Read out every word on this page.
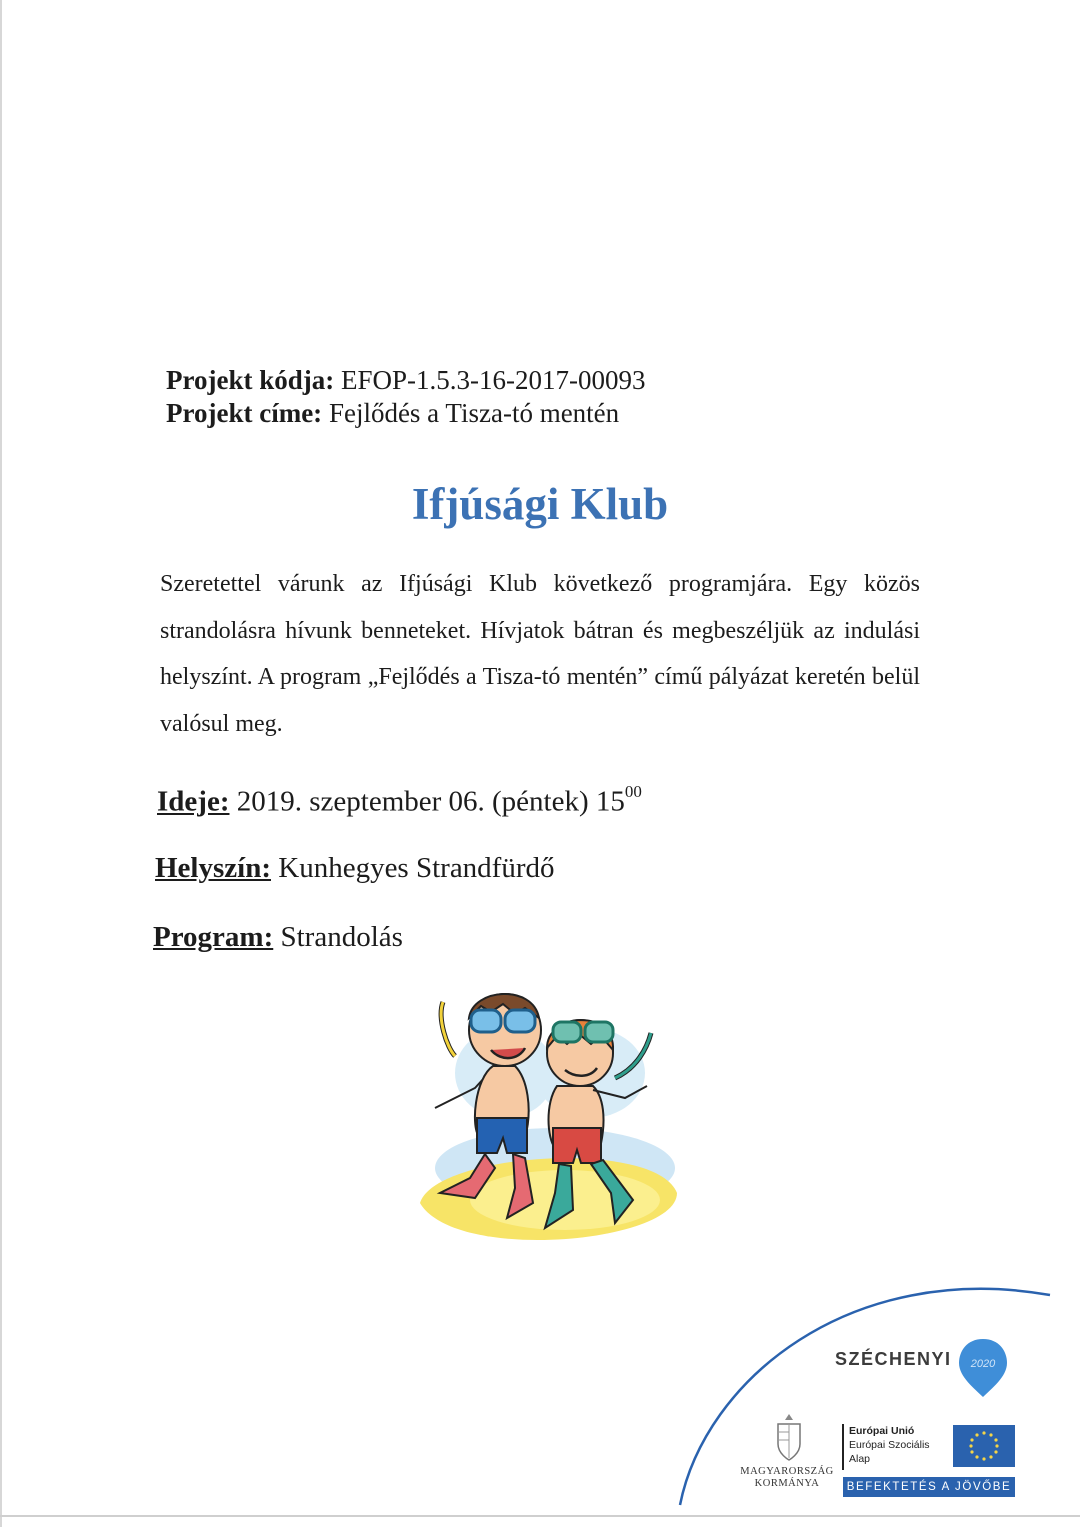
Projekt kódja: EFOP-1.5.3-16-2017-00093
Projekt címe: Fejlődés a Tisza-tó mentén
Ifjúsági Klub
Szeretettel várunk az Ifjúsági Klub következő programjára. Egy közös strandolásra hívunk benneteket. Hívjatok bátran és megbeszéljük az indulási helyszínt. A program „Fejlődés a Tisza-tó mentén” című pályázat keretén belül valósul meg.
Ideje: 2019. szeptember 06. (péntek) $15^{00}$
Helyszín: Kunhegyes Strandfürdő
Program: Strandolás
SZÉCHENYI 2020
MAGYARORSZÁG
KORMÁNYA
Európai Unió
Európai Szociális
Alap
BEFEKTETÉS A JÖVŐBE
